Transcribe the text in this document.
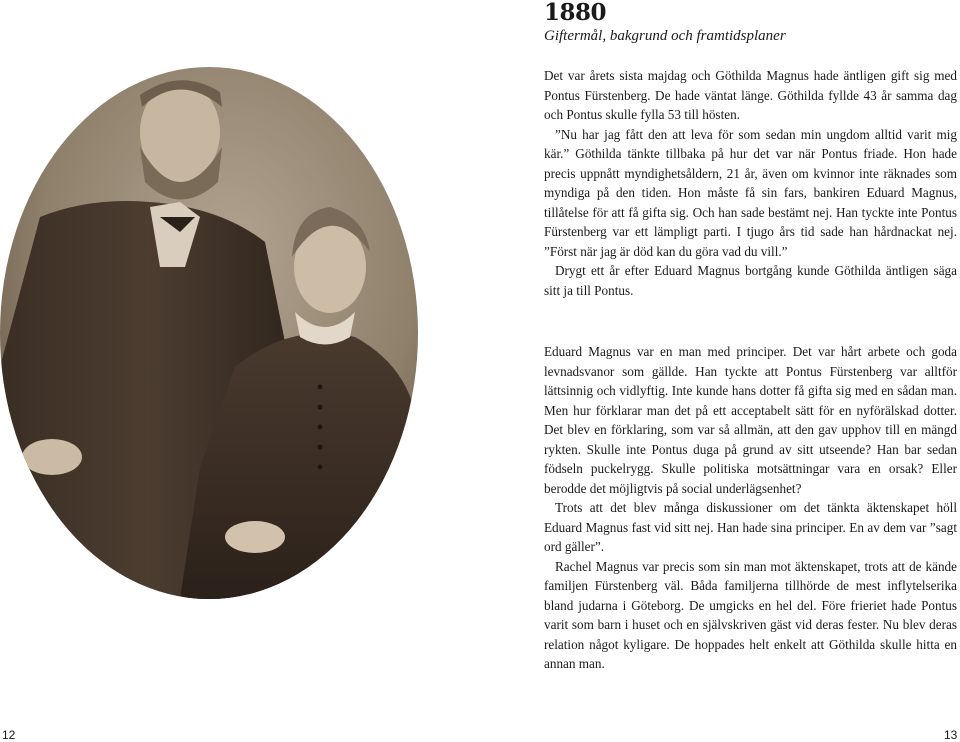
1880
Giftermål, bakgrund och framtidsplaner

Det var årets sista majdag och Göthilda Magnus hade äntligen gift sig med Pontus Fürstenberg. De hade väntat länge. Göthilda fyllde 43 år samma dag och Pontus skulle fylla 53 till hösten.

”Nu har jag fått den att leva för som sedan min ungdom alltid varit mig kär.” Göthilda tänkte tillbaka på hur det var när Pontus friade. Hon hade precis uppnått myndighetsåldern, 21 år, även om kvinnor inte räknades som myndiga på den tiden. Hon måste få sin fars, bankiren Eduard Magnus, tillåtelse för att få gifta sig. Och han sade bestämt nej. Han tyckte inte Pontus Fürstenberg var ett lämpligt parti. I tjugo års tid sade han hårdnackat nej. ”Först när jag är död kan du göra vad du vill.”

Drygt ett år efter Eduard Magnus bortgång kunde Göthilda äntligen säga sitt ja till Pontus.

Eduard Magnus var en man med principer. Det var hårt arbete och goda levnadsvanor som gällde. Han tyckte att Pontus Fürstenberg var alltför lättsinnig och vidlyftig. Inte kunde hans dotter få gifta sig med en sådan man. Men hur förklarar man det på ett acceptabelt sätt för en nyförälskad dotter. Det blev en förklaring, som var så allmän, att den gav upphov till en mängd rykten. Skulle inte Pontus duga på grund av sitt utseende? Han bar sedan födseln puckelrygg. Skulle politiska motsättningar vara en orsak? Eller berodde det möjligtvis på social underlägsenhet?

Trots att det blev många diskussioner om det tänkta äktenskapet höll Eduard Magnus fast vid sitt nej. Han hade sina principer. En av dem var ”sagt ord gäller”.

Rachel Magnus var precis som sin man mot äktenskapet, trots att de kände familjen Fürstenberg väl. Båda familjerna tillhörde de mest inflytelserika bland judarna i Göteborg. De umgicks en hel del. Före frieriet hade Pontus varit som barn i huset och en självskriven gäst vid deras fester. Nu blev deras relation något kyligare. De hoppades helt enkelt att Göthilda skulle hitta en annan man.

12	13
